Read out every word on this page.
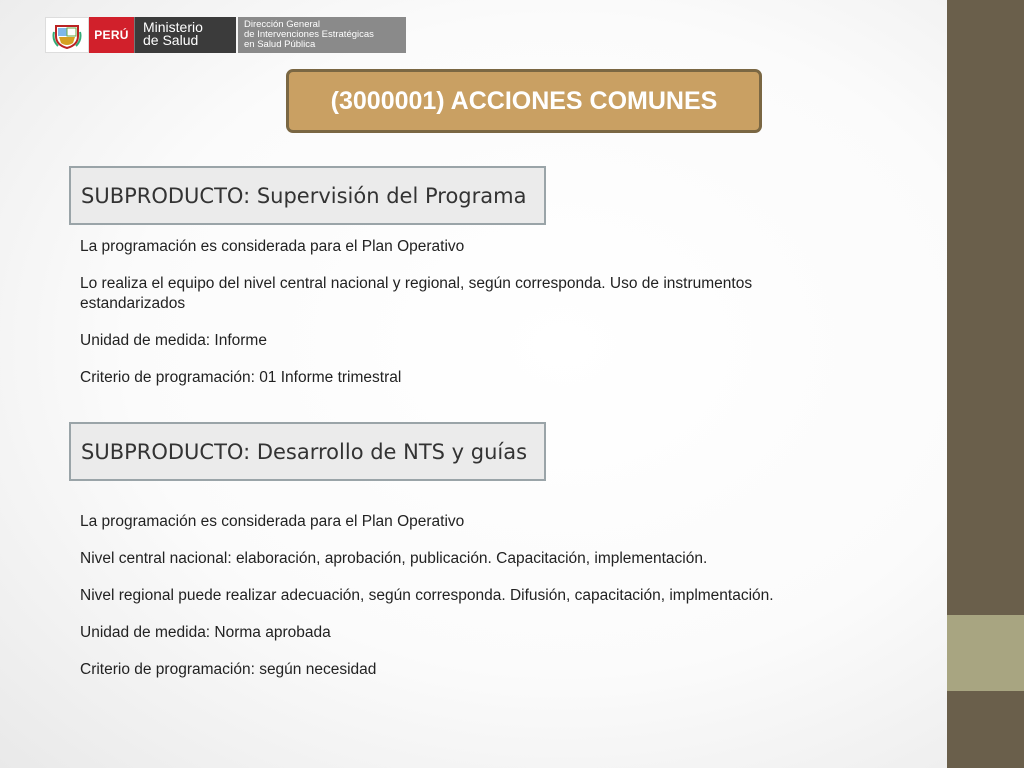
PERÚ	Ministerio
de Salud
Dirección General
de Intervenciones Estratégicas
en Salud Pública
(3000001) ACCIONES COMUNES
SUBPRODUCTO: Supervisión del Programa

La programación es considerada para el Plan Operativo

Lo realiza el equipo del nivel central nacional y regional, según corresponda. Uso de instrumentos estandarizados

Unidad de medida: Informe

Criterio de programación: 01 Informe trimestral

SUBPRODUCTO: Desarrollo de NTS y guías

La programación es considerada para el Plan Operativo

Nivel central nacional: elaboración, aprobación, publicación. Capacitación, implementación.

Nivel regional puede realizar adecuación, según corresponda. Difusión, capacitación, implmentación.

Unidad de medida: Norma aprobada

Criterio de programación: según necesidad
